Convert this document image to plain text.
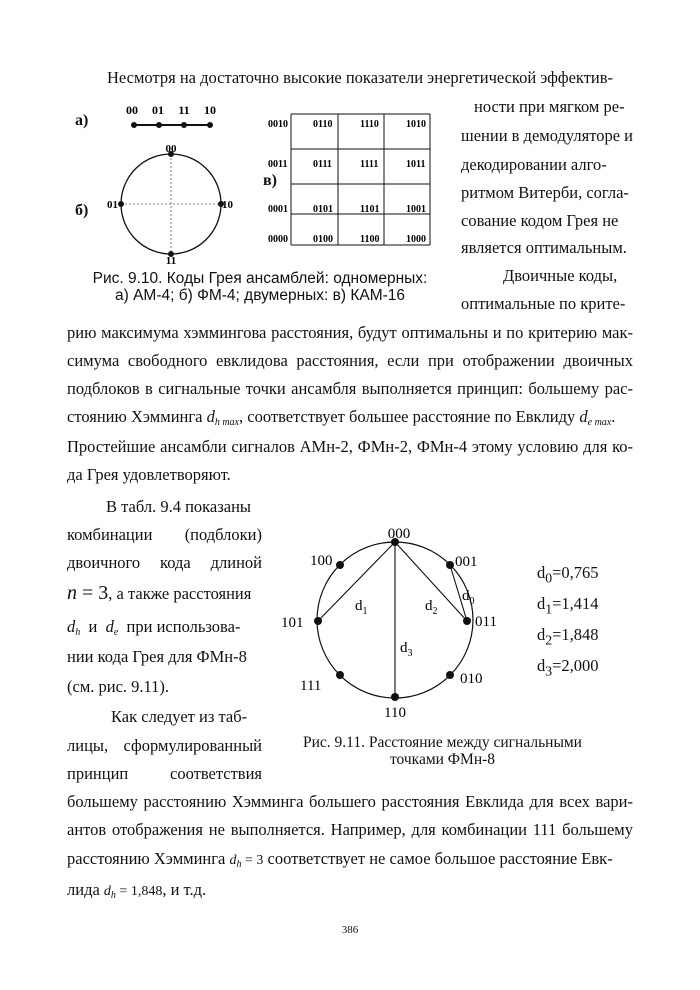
Несмотря на достаточно высокие показатели энергетической эффектив-
ности при мягком ре-
шении в демодуляторе и
декодировании алго-
ритмом Витерби, согла-
сование кодом Грея не
является оптимальным.
Двоичные коды,
оптимальные по крите-
а)
б)
в)
00 01 11 10
00
01	10
11
0010
0011
0001
0000
0110	1110	1010
0111	1111	1011
0101	1101	1001
0100	1100	1000
Рис. 9.10. Коды Грея ансамблей: одномерных:
а) АМ-4; б) ФМ-4; двумерных: в) КАМ-16
рию максимума хэммингова расстояния, будут оптимальны и по критерию мак-
симума свободного евклидова расстояния, если при отображении двоичных
подблоков в сигнальные точки ансамбля выполняется принцип: большему рас-
стоянию Хэмминга dh max, соответствует большее расстояние по Евклиду de max.
Простейшие ансамбли сигналов АМн-2, ФМн-2, ФМн-4 этому условию для ко-
да Грея удовлетворяют.
В табл. 9.4 показаны
комбинации (подблоки)
двоичного кода длиной
n = 3, а также расстояния
dh  и  de  при использова-
нии кода Грея для ФМн-8
(см. рис. 9.11).
Как следует из таб-
лицы, сформулированный
принцип соответствия
000
001
011
010
110
111
101
100
$d_1$	$d_2$
$d_3$
$d_0$
$d_0=0,765$
$d_1=1,414$
$d_2=1,848$
$d_3=2,000$
Рис. 9.11. Расстояние между сигнальными
точками ФМн-8
большему расстоянию Хэмминга большего расстояния Евклида для всех вари-
антов отображения не выполняется. Например, для комбинации 111 большему
расстоянию Хэмминга dh = 3 соответствует не самое большое расстояние Евк-
лида dh = 1,848, и т.д.
386
